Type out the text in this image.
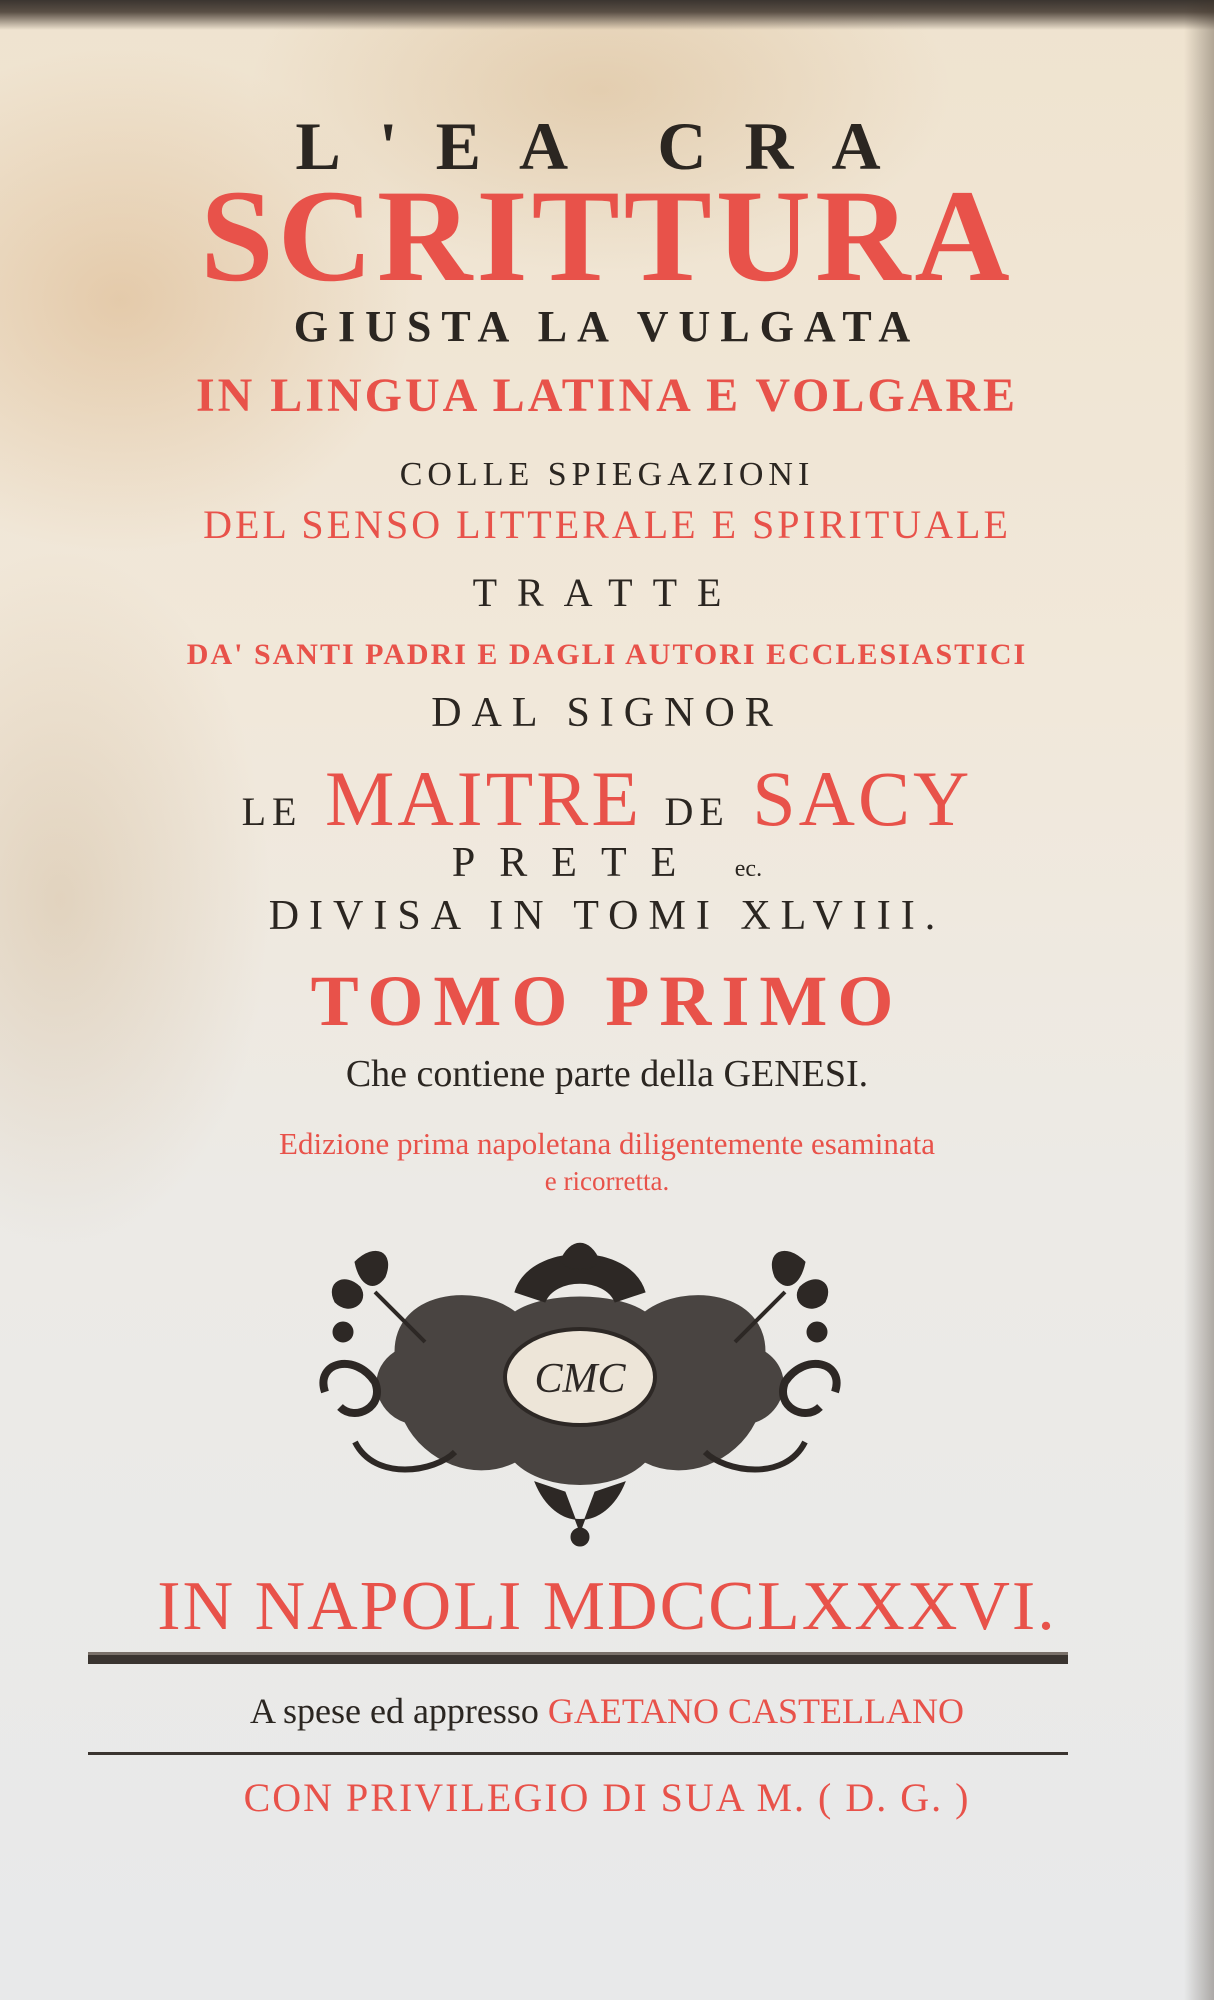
L'EA CRA
SCRITTURA
GIUSTA LA VULGATA
IN LINGUA LATINA E VOLGARE
COLLE SPIEGAZIONI
DEL SENSO LITTERALE E SPIRITUALE
TRATTE
DA' SANTI PADRI E DAGLI AUTORI ECCLESIASTICI
DAL SIGNOR
LE MAITRE DE SACY
PRETE ec.
DIVISA IN TOMI XLVIII.
TOMO PRIMO
Che contiene parte della GENESI.
Edizione prima napoletana diligentemente esaminata
e ricorretta.
CMC
IN NAPOLI MDCCLXXXVI.
A spese ed appresso GAETANO CASTELLANO
CON PRIVILEGIO DI SUA M. ( D. G. )
